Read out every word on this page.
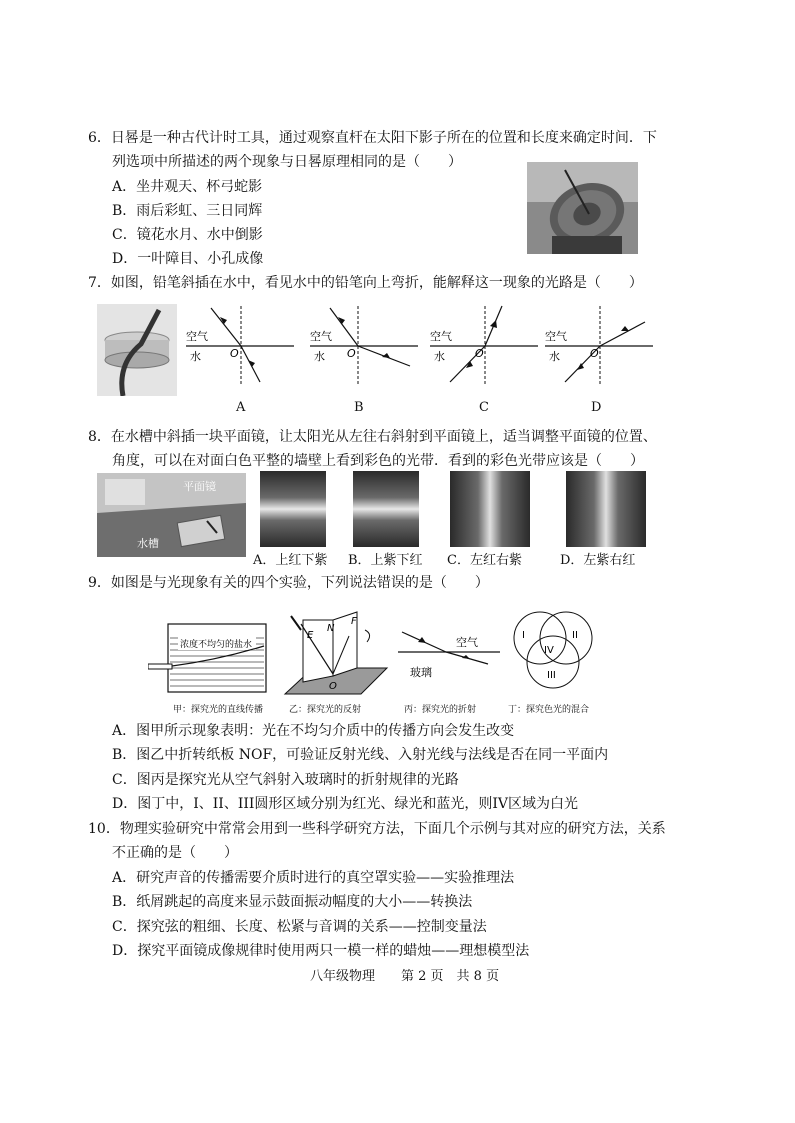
6．日晷是一种古代计时工具，通过观察直杆在太阳下影子所在的位置和长度来确定时间．下
列选项中所描述的两个现象与日晷原理相同的是（　　）
A．坐井观天、杯弓蛇影
B．雨后彩虹、三日同辉
C．镜花水月、水中倒影
D．一叶障目、小孔成像
7．如图，铅笔斜插在水中，看见水中的铅笔向上弯折，能解释这一现象的光路是（　　）
空气
水	O
空气
水 O
空气
水	O
空气
水	O
A	B	C	D
8．在水槽中斜插一块平面镜，让太阳光从左往右斜射到平面镜上，适当调整平面镜的位置、
角度，可以在对面白色平整的墙壁上看到彩色的光带．看到的彩色光带应该是（　　）
平面镜
水槽
A．上红下紫 B．上紫下红 C．左红右紫	D．左紫右红
9．如图是与光现象有关的四个实验，下列说法错误的是（　　）
浓度不均匀的盐水
E
N
F
O
空气
玻璃
I	II
III
IV
甲：探究光的直线传播	乙：探究光的反射	丙：探究光的折射	丁：探究色光的混合
A．图甲所示现象表明：光在不均匀介质中的传播方向会发生改变
B．图乙中折转纸板 NOF，可验证反射光线、入射光线与法线是否在同一平面内
C．图丙是探究光从空气斜射入玻璃时的折射规律的光路
D．图丁中，I、II、III圆形区域分别为红光、绿光和蓝光，则IV区域为白光
10．物理实验研究中常常会用到一些科学研究方法，下面几个示例与其对应的研究方法，关系
不正确的是（　　）
A．研究声音的传播需要介质时进行的真空罩实验——实验推理法
B．纸屑跳起的高度来显示鼓面振动幅度的大小——转换法
C．探究弦的粗细、长度、松紧与音调的关系——控制变量法
D．探究平面镜成像规律时使用两只一模一样的蜡烛——理想模型法
八年级物理　　第 2 页　共 8 页
